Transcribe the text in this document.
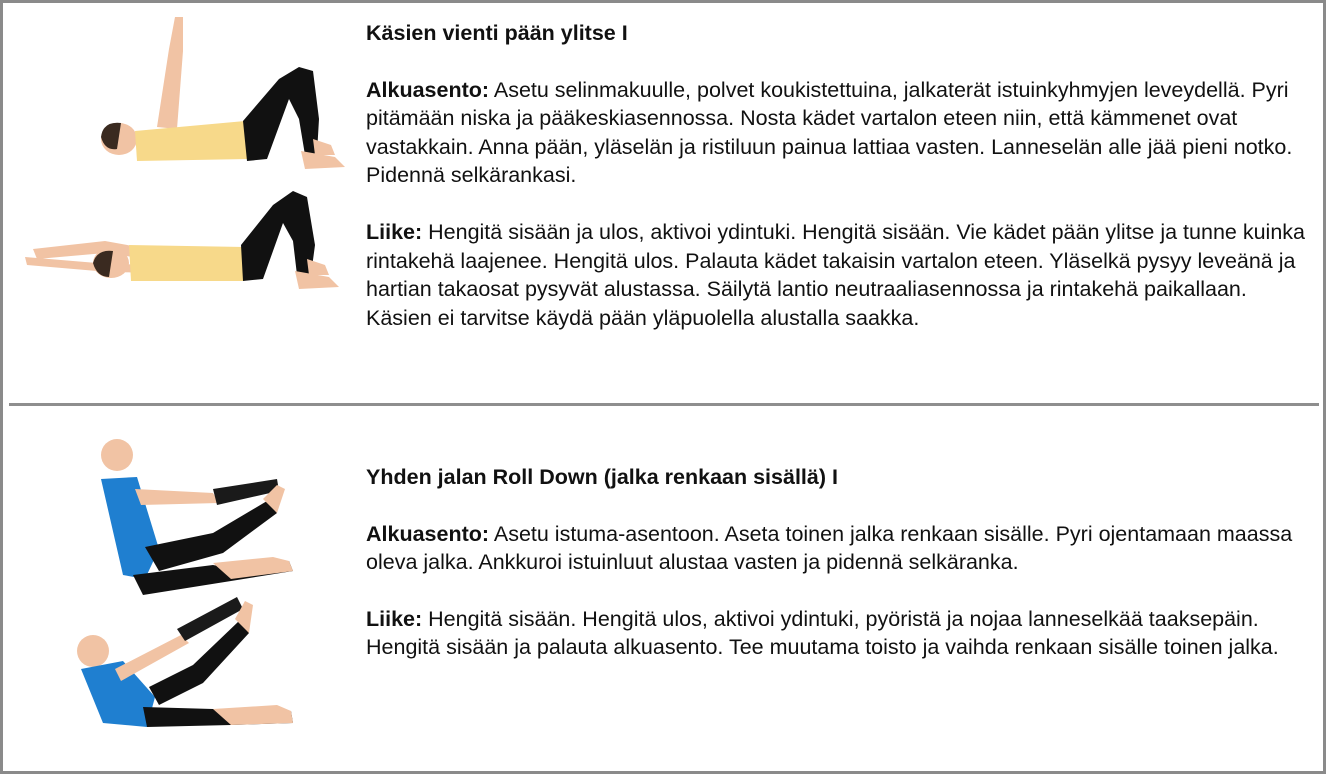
Käsien vienti pään ylitse I

Alkuasento: Asetu selinmakuulle, polvet koukistettuina, jalkaterät istuinkyhmyjen leveydellä. Pyri pitämään niska ja pääkeskiasennossa. Nosta kädet vartalon eteen niin, että kämmenet ovat vastakkain. Anna pään, yläselän ja ristiluun painua lattiaa vasten. Lanneselän alle jää pieni notko. Pidennä selkärankasi.

Liike: Hengitä sisään ja ulos, aktivoi ydintuki. Hengitä sisään. Vie kädet pään ylitse ja tunne kuinka rintakehä laajenee. Hengitä ulos. Palauta kädet takaisin vartalon eteen. Yläselkä pysyy leveänä ja hartian takaosat pysyvät alustassa. Säilytä lantio neutraaliasennossa ja rintakehä paikallaan. Käsien ei tarvitse käydä pään yläpuolella alustalla saakka.

Yhden jalan Roll Down (jalka renkaan sisällä) I

Alkuasento: Asetu istuma-asentoon. Aseta toinen jalka renkaan sisälle. Pyri ojentamaan maassa oleva jalka. Ankkuroi istuinluut alustaa vasten ja pidennä selkäranka.

Liike: Hengitä sisään. Hengitä ulos, aktivoi ydintuki, pyöristä ja nojaa lanneselkää taaksepäin. Hengitä sisään ja palauta alkuasento. Tee muutama toisto ja vaihda renkaan sisälle toinen jalka.
